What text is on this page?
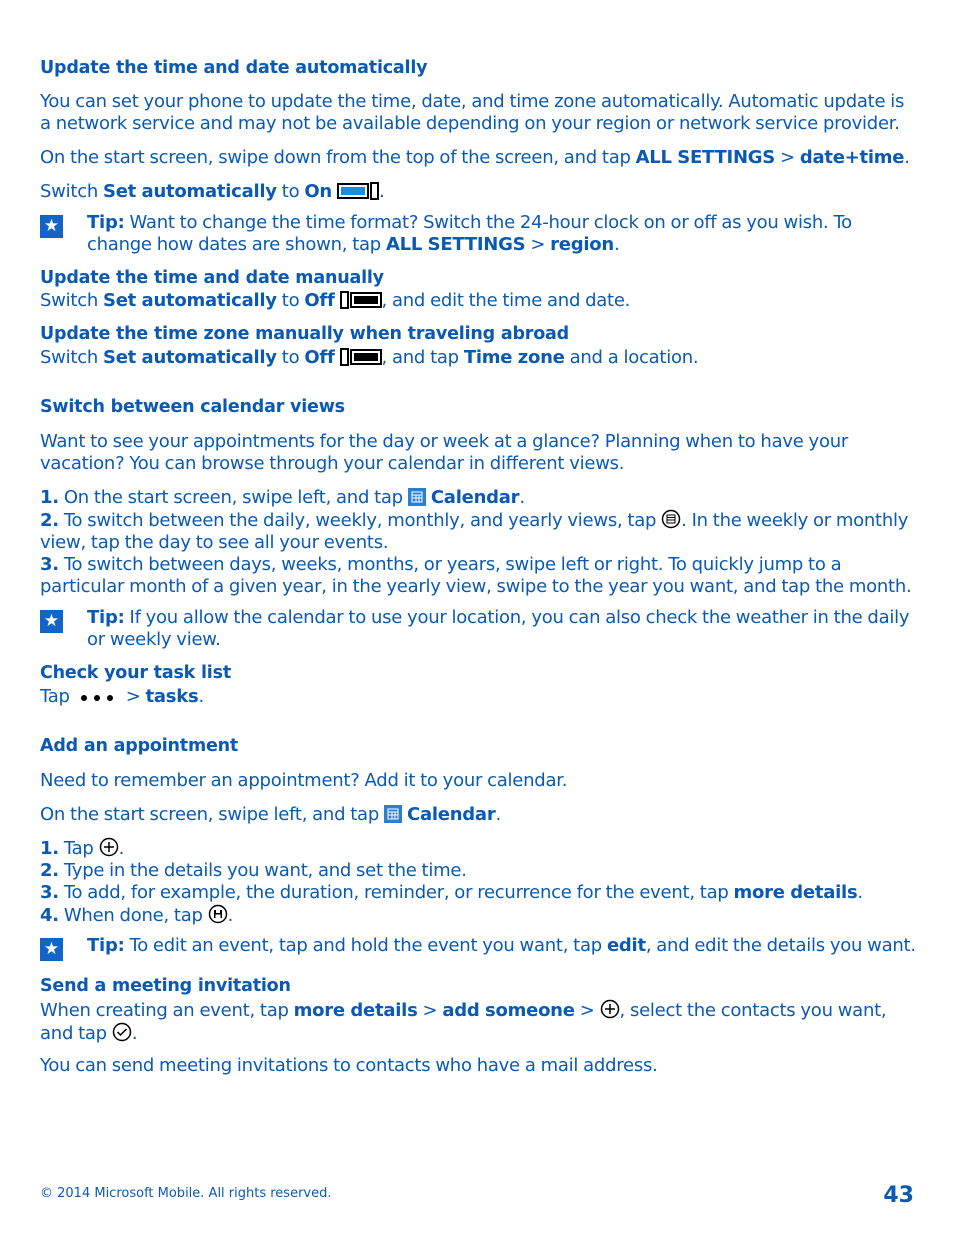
Update the time and date automatically
You can set your phone to update the time, date, and time zone automatically. Automatic update is a network service and may not be available depending on your region or network service provider.
On the start screen, swipe down from the top of the screen, and tap ALL SETTINGS > date+time.
Switch Set automatically to On	.
★ Tip: Want to change the time format? Switch the 24-hour clock on or off as you wish. To change how dates are shown, tap ALL SETTINGS > region.
Update the time and date manually
Switch Set automatically to Off	, and edit the time and date.
Update the time zone manually when traveling abroad
Switch Set automatically to Off	, and tap Time zone and a location.
Switch between calendar views
Want to see your appointments for the day or week at a glance? Planning when to have your vacation? You can browse through your calendar in different views.
1. On the start screen, swipe left, and tap Calendar.
2. To switch between the daily, weekly, monthly, and yearly views, tap . In the weekly or monthly view, tap the day to see all your events.
3. To switch between days, weeks, months, or years, swipe left or right. To quickly jump to a particular month of a given year, in the yearly view, swipe to the year you want, and tap the month.
★ Tip: If you allow the calendar to use your location, you can also check the weather in the daily or weekly view.
Check your task list
Tap	> tasks.
Add an appointment
Need to remember an appointment? Add it to your calendar.
On the start screen, swipe left, and tap Calendar.
1. Tap .
2. Type in the details you want, and set the time.
3. To add, for example, the duration, reminder, or recurrence for the event, tap more details.
4. When done, tap .
★ Tip: To edit an event, tap and hold the event you want, tap edit, and edit the details you want.
Send a meeting invitation
When creating an event, tap more details > add someone > , select the contacts you want, and tap .
You can send meeting invitations to contacts who have a mail address.
© 2014 Microsoft Mobile. All rights reserved.	43
